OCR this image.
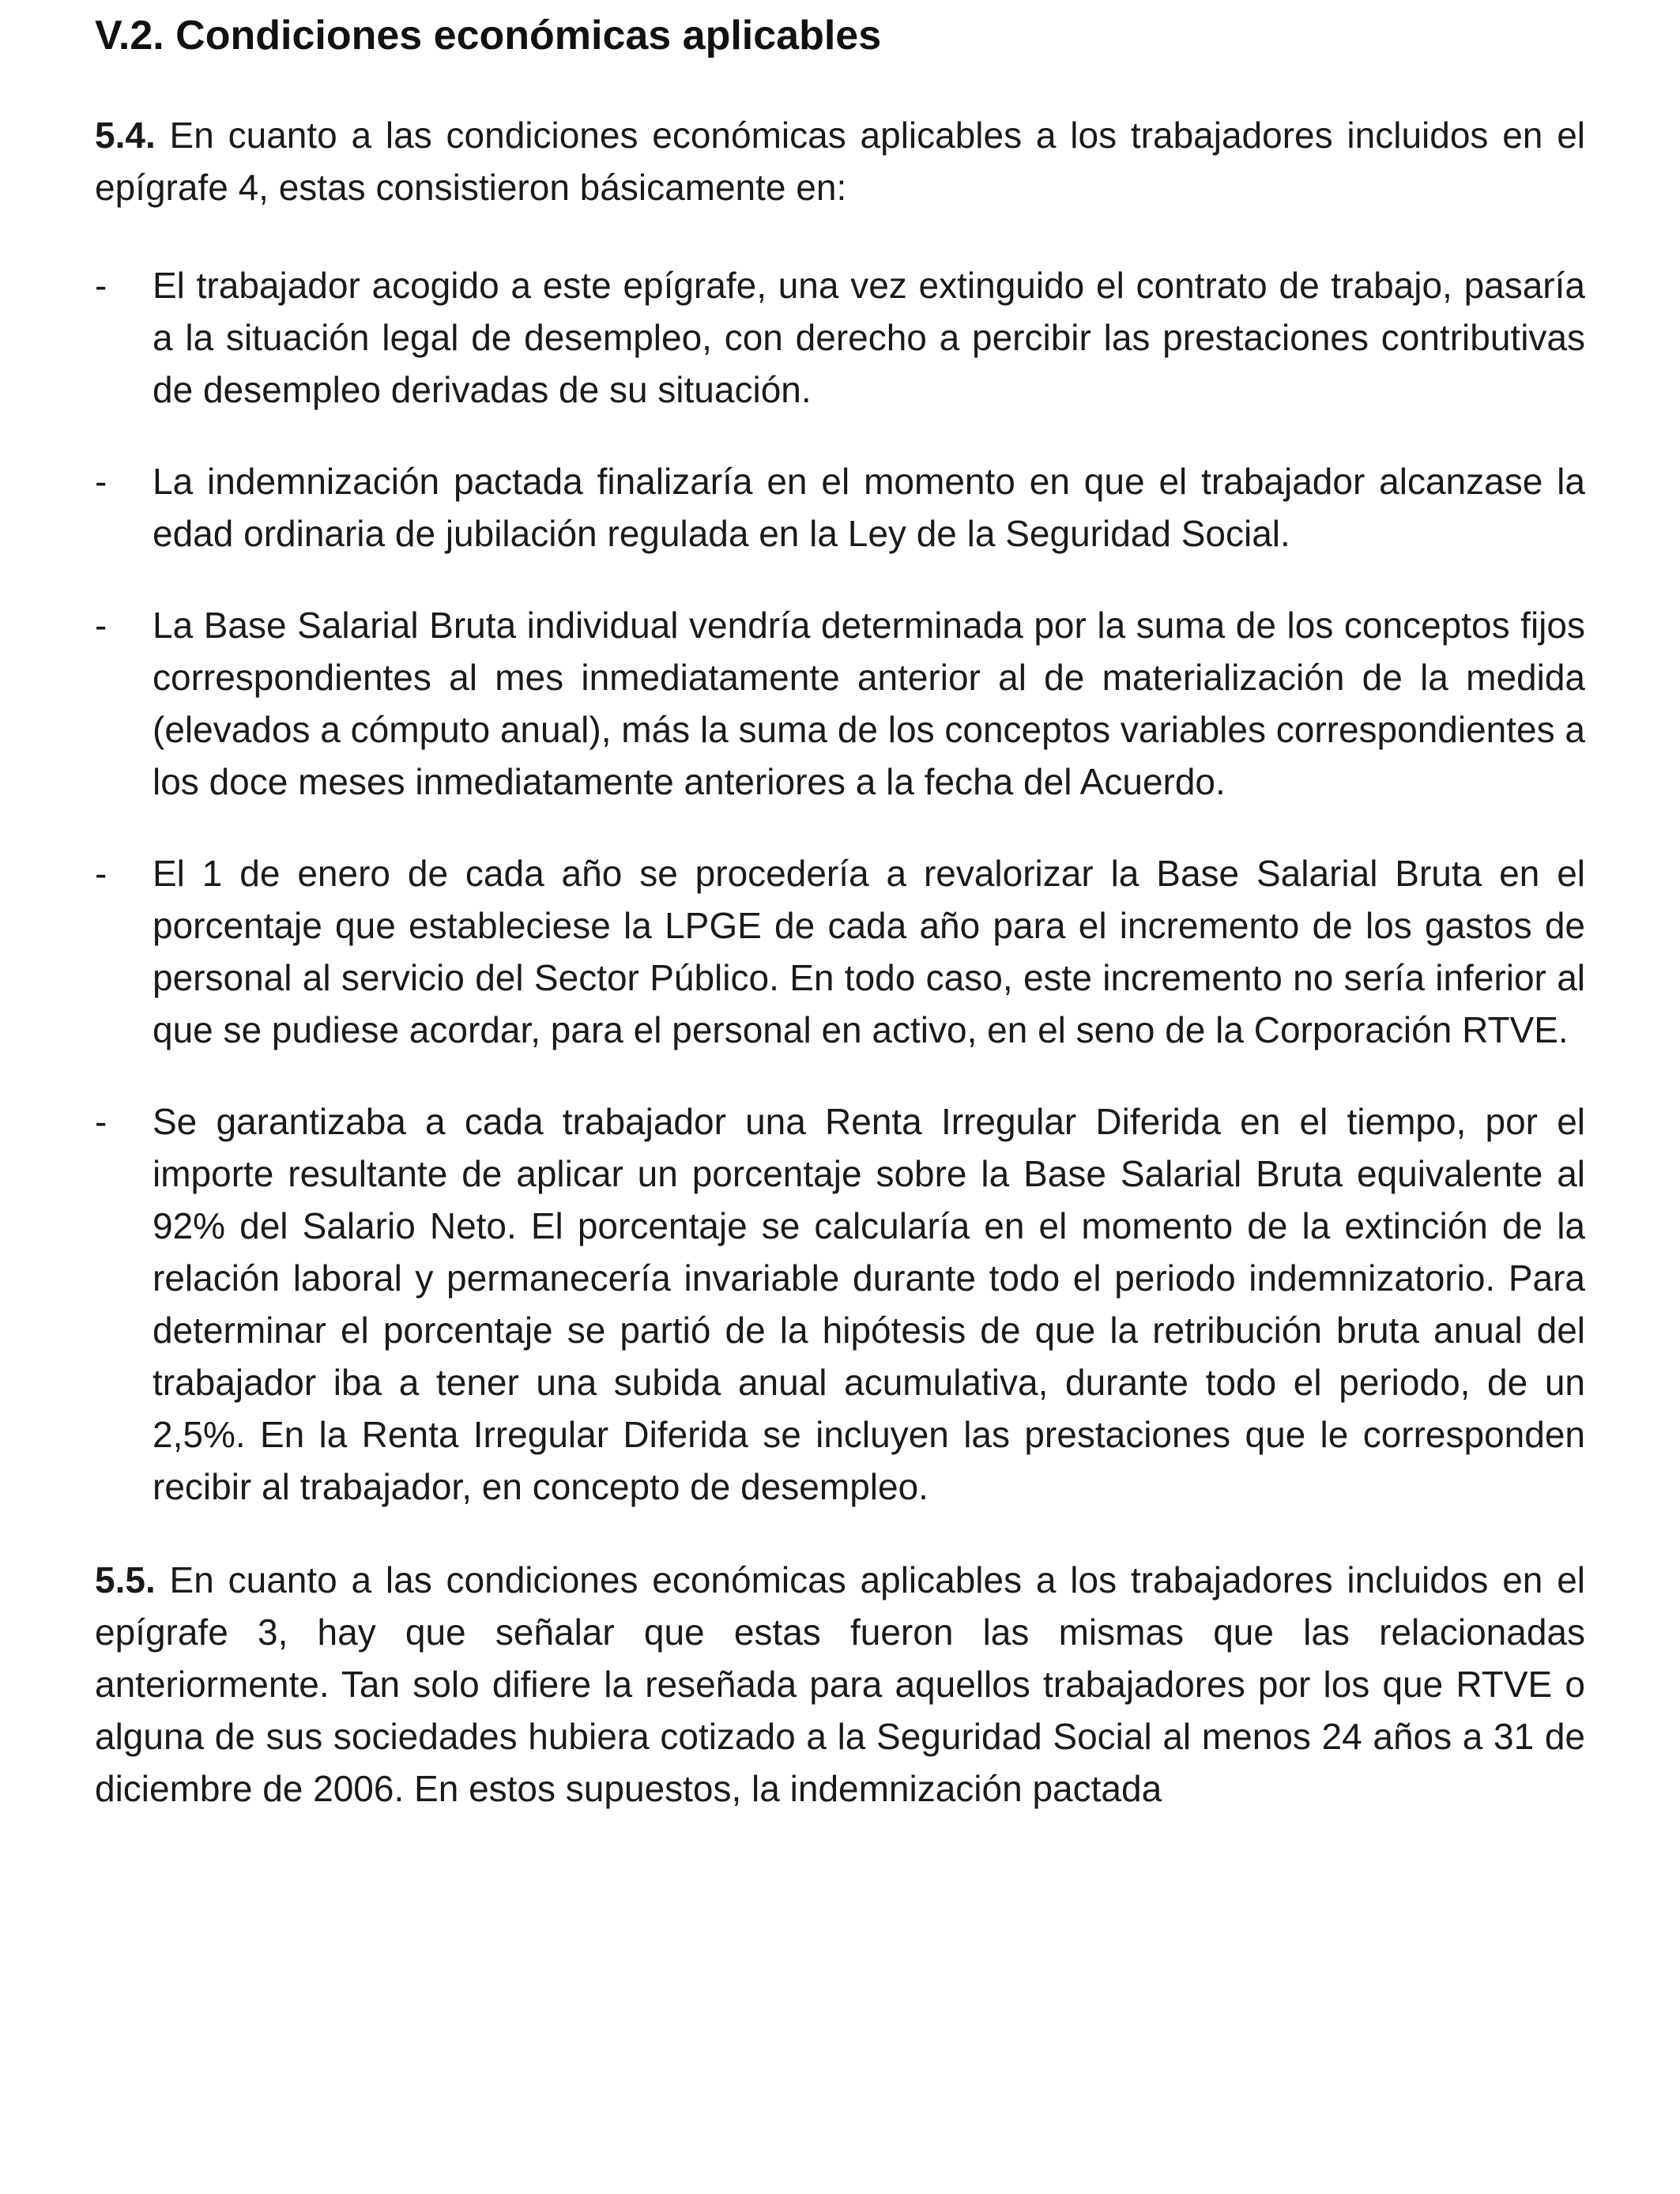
V.2. Condiciones económicas aplicables

5.4. En cuanto a las condiciones económicas aplicables a los trabajadores incluidos en el epígrafe 4, estas consistieron básicamente en:

- El trabajador acogido a este epígrafe, una vez extinguido el contrato de trabajo, pasaría a la situación legal de desempleo, con derecho a percibir las prestaciones contributivas de desempleo derivadas de su situación.
- La indemnización pactada finalizaría en el momento en que el trabajador alcanzase la edad ordinaria de jubilación regulada en la Ley de la Seguridad Social.
- La Base Salarial Bruta individual vendría determinada por la suma de los conceptos fijos correspondientes al mes inmediatamente anterior al de materialización de la medida (elevados a cómputo anual), más la suma de los conceptos variables correspondientes a los doce meses inmediatamente anteriores a la fecha del Acuerdo.
- El 1 de enero de cada año se procedería a revalorizar la Base Salarial Bruta en el porcentaje que estableciese la LPGE de cada año para el incremento de los gastos de personal al servicio del Sector Público. En todo caso, este incremento no sería inferior al que se pudiese acordar, para el personal en activo, en el seno de la Corporación RTVE.
- Se garantizaba a cada trabajador una Renta Irregular Diferida en el tiempo, por el importe resultante de aplicar un porcentaje sobre la Base Salarial Bruta equivalente al 92% del Salario Neto. El porcentaje se calcularía en el momento de la extinción de la relación laboral y permanecería invariable durante todo el periodo indemnizatorio. Para determinar el porcentaje se partió de la hipótesis de que la retribución bruta anual del trabajador iba a tener una subida anual acumulativa, durante todo el periodo, de un 2,5%. En la Renta Irregular Diferida se incluyen las prestaciones que le corresponden recibir al trabajador, en concepto de desempleo.

5.5. En cuanto a las condiciones económicas aplicables a los trabajadores incluidos en el epígrafe 3, hay que señalar que estas fueron las mismas que las relacionadas anteriormente. Tan solo difiere la reseñada para aquellos trabajadores por los que RTVE o alguna de sus sociedades hubiera cotizado a la Seguridad Social al menos 24 años a 31 de diciembre de 2006. En estos supuestos, la indemnización pactada
